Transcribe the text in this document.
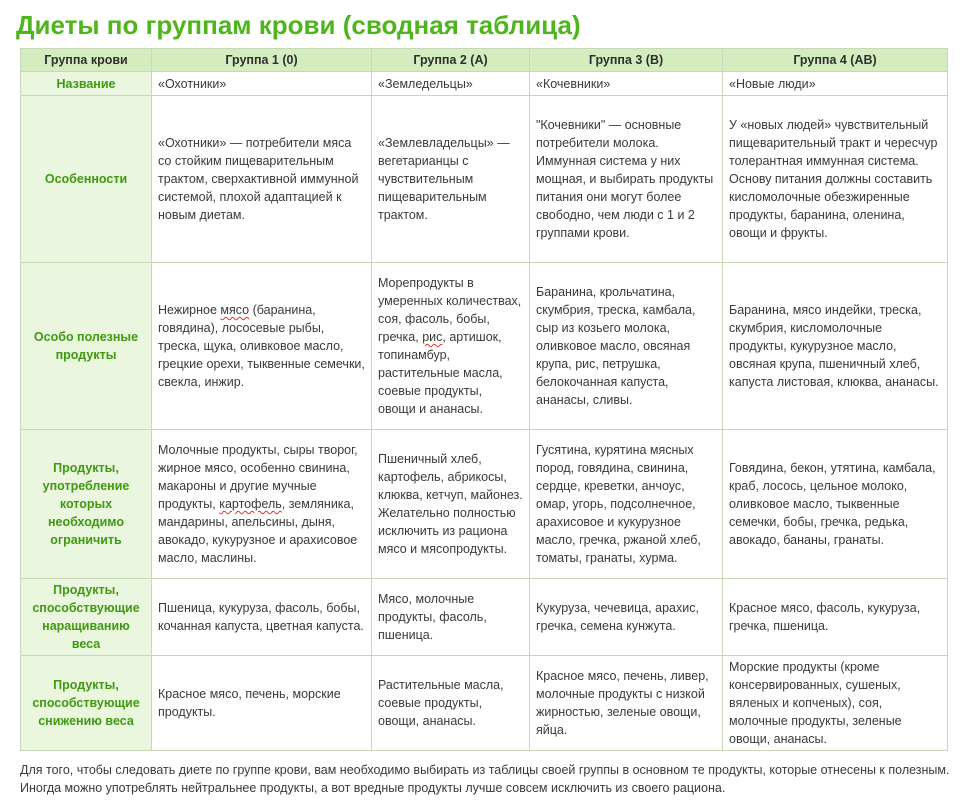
Диеты по группам крови (сводная таблица)
Группа крови	Группа 1 (0)	Группа 2 (А)	Группа 3 (В)	Группа 4 (АВ)
Название	«Охотники»	«Земледельцы»	«Кочевники»	«Новые люди»
Особенности	«Охотники» — потребители мяса со стойким пищеварительным трактом, сверхактивной иммунной системой, плохой адаптацией к новым диетам.	«Землевладельцы» — вегетарианцы с чувствительным пищеварительным трактом.	"Кочевники" — основные потребители молока. Иммунная система у них мощная, и выбирать продукты питания они могут более свободно, чем люди с 1 и 2 группами крови.	У «новых людей» чувствительный пищеварительный тракт и чересчур толерантная иммунная система. Основу питания должны составить кисломолочные обезжиренные продукты, баранина, оленина, овощи и фрукты.
Особо полезные продукты	Нежирное мясо (баранина, говядина), лососевые рыбы, треска, щука, оливковое масло, грецкие орехи, тыквенные семечки, свекла, инжир.	Морепродукты в умеренных количествах, соя, фасоль, бобы, гречка, рис, артишок, топинамбур, растительные масла, соевые продукты, овощи и ананасы.	Баранина, крольчатина, скумбрия, треска, камбала, сыр из козьего молока, оливковое масло, овсяная крупа, рис, петрушка, белокочанная капуста, ананасы, сливы.	Баранина, мясо индейки, треска, скумбрия, кисломолочные продукты, кукурузное масло, овсяная крупа, пшеничный хлеб, капуста листовая, клюква, ананасы.
Продукты, употребление которых необходимо ограничить	Молочные продукты, сыры творог, жирное мясо, особенно свинина, макароны и другие мучные продукты, картофель, земляника, мандарины, апельсины, дыня, авокадо, кукурузное и арахисовое масло, маслины.	Пшеничный хлеб, картофель, абрикосы, клюква, кетчуп, майонез. Желательно полностью исключить из рациона мясо и мясопродукты.	Гусятина, курятина мясных пород, говядина, свинина, сердце, креветки, анчоус, омар, угорь, подсолнечное, арахисовое и кукурузное масло, гречка, ржаной хлеб, томаты, гранаты, хурма.	Говядина, бекон, утятина, камбала, краб, лосось, цельное молоко, оливковое масло, тыквенные семечки, бобы, гречка, редька, авокадо, бананы, гранаты.
Продукты, способствующие наращиванию веса	Пшеница, кукуруза, фасоль, бобы, кочанная капуста, цветная капуста.	Мясо, молочные продукты, фасоль, пшеница.	Кукуруза, чечевица, арахис, гречка, семена кунжута.	Красное мясо, фасоль, кукуруза, гречка, пшеница.
Продукты, способствующие снижению веса	Красное мясо, печень, морские продукты.	Растительные масла, соевые продукты, овощи, ананасы.	Красное мясо, печень, ливер, молочные продукты с низкой жирностью, зеленые овощи, яйца.	Морские продукты (кроме консервированных, сушеных, вяленых и копченых), соя, молочные продукты, зеленые овощи, ананасы.

Для того, чтобы следовать диете по группе крови, вам необходимо выбирать из таблицы своей группы в основном те продукты, которые отнесены к полезным. Иногда можно употреблять нейтральнее продукты, а вот вредные продукты лучше совсем исключить из своего рациона.
